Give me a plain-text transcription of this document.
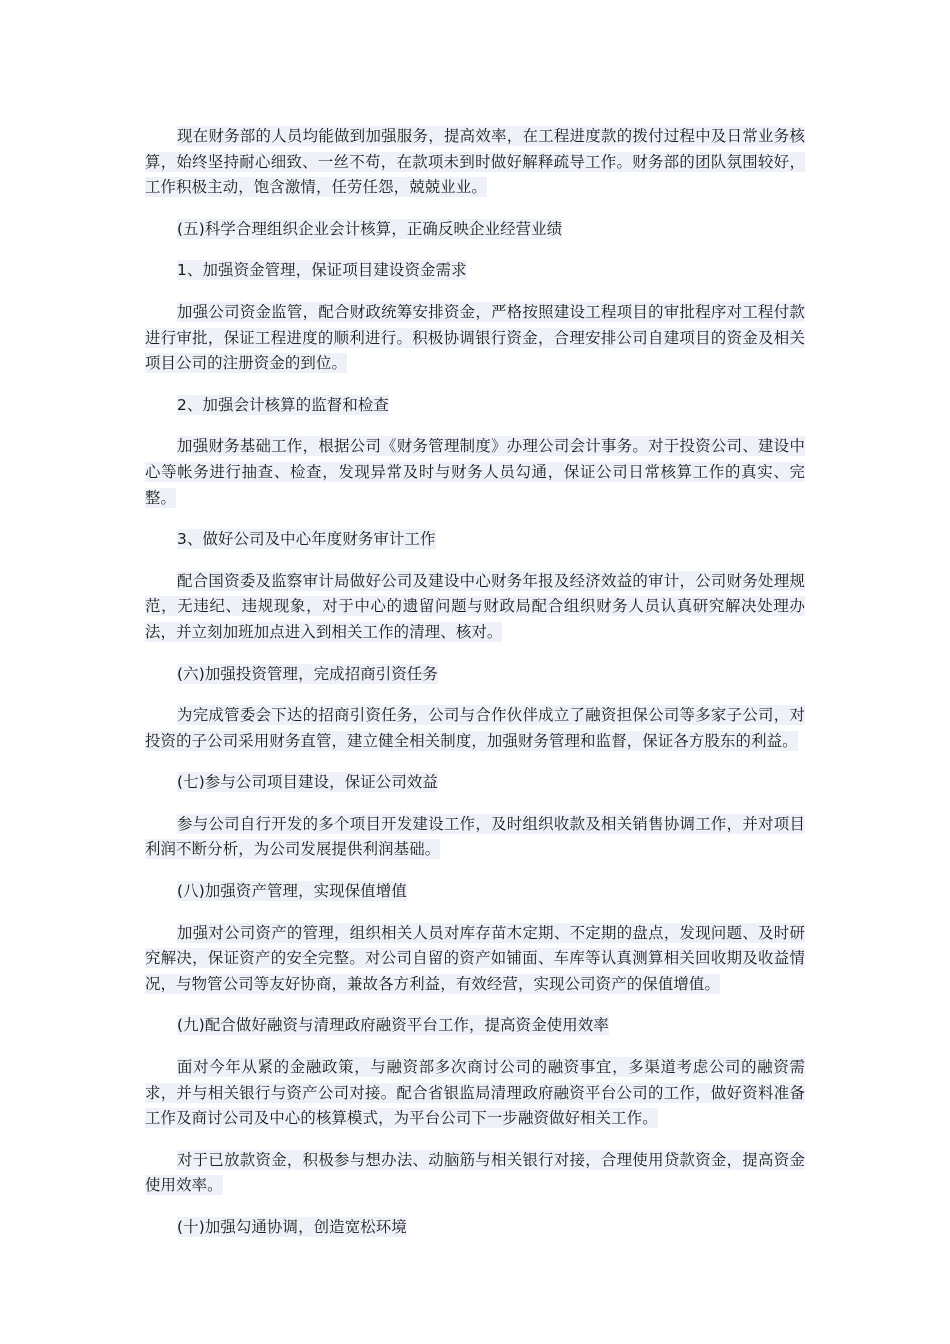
现在财务部的人员均能做到加强服务，提高效率，在工程进度款的拨付过程中及日常业务核算，始终坚持耐心细致、一丝不苟，在款项未到时做好解释疏导工作。财务部的团队氛围较好，工作积极主动，饱含激情，任劳任怨，兢兢业业。

(五)科学合理组织企业会计核算，正确反映企业经营业绩

1、加强资金管理，保证项目建设资金需求

加强公司资金监管，配合财政统筹安排资金，严格按照建设工程项目的审批程序对工程付款进行审批，保证工程进度的顺利进行。积极协调银行资金，合理安排公司自建项目的资金及相关项目公司的注册资金的到位。

2、加强会计核算的监督和检查

加强财务基础工作，根据公司《财务管理制度》办理公司会计事务。对于投资公司、建设中心等帐务进行抽查、检查，发现异常及时与财务人员勾通，保证公司日常核算工作的真实、完整。

3、做好公司及中心年度财务审计工作

配合国资委及监察审计局做好公司及建设中心财务年报及经济效益的审计，公司财务处理规范，无违纪、违规现象，对于中心的遗留问题与财政局配合组织财务人员认真研究解决处理办法，并立刻加班加点进入到相关工作的清理、核对。

(六)加强投资管理，完成招商引资任务

为完成管委会下达的招商引资任务，公司与合作伙伴成立了融资担保公司等多家子公司，对投资的子公司采用财务直管，建立健全相关制度，加强财务管理和监督，保证各方股东的利益。

(七)参与公司项目建设，保证公司效益

参与公司自行开发的多个项目开发建设工作，及时组织收款及相关销售协调工作，并对项目利润不断分析，为公司发展提供利润基础。

(八)加强资产管理，实现保值增值

加强对公司资产的管理，组织相关人员对库存苗木定期、不定期的盘点，发现问题、及时研究解决，保证资产的安全完整。对公司自留的资产如铺面、车库等认真测算相关回收期及收益情况，与物管公司等友好协商，兼故各方利益，有效经营，实现公司资产的保值增值。

(九)配合做好融资与清理政府融资平台工作，提高资金使用效率

面对今年从紧的金融政策，与融资部多次商讨公司的融资事宜，多渠道考虑公司的融资需求，并与相关银行与资产公司对接。配合省银监局清理政府融资平台公司的工作，做好资料准备工作及商讨公司及中心的核算模式，为平台公司下一步融资做好相关工作。

对于已放款资金，积极参与想办法、动脑筋与相关银行对接，合理使用贷款资金，提高资金使用效率。

(十)加强勾通协调，创造宽松环境
